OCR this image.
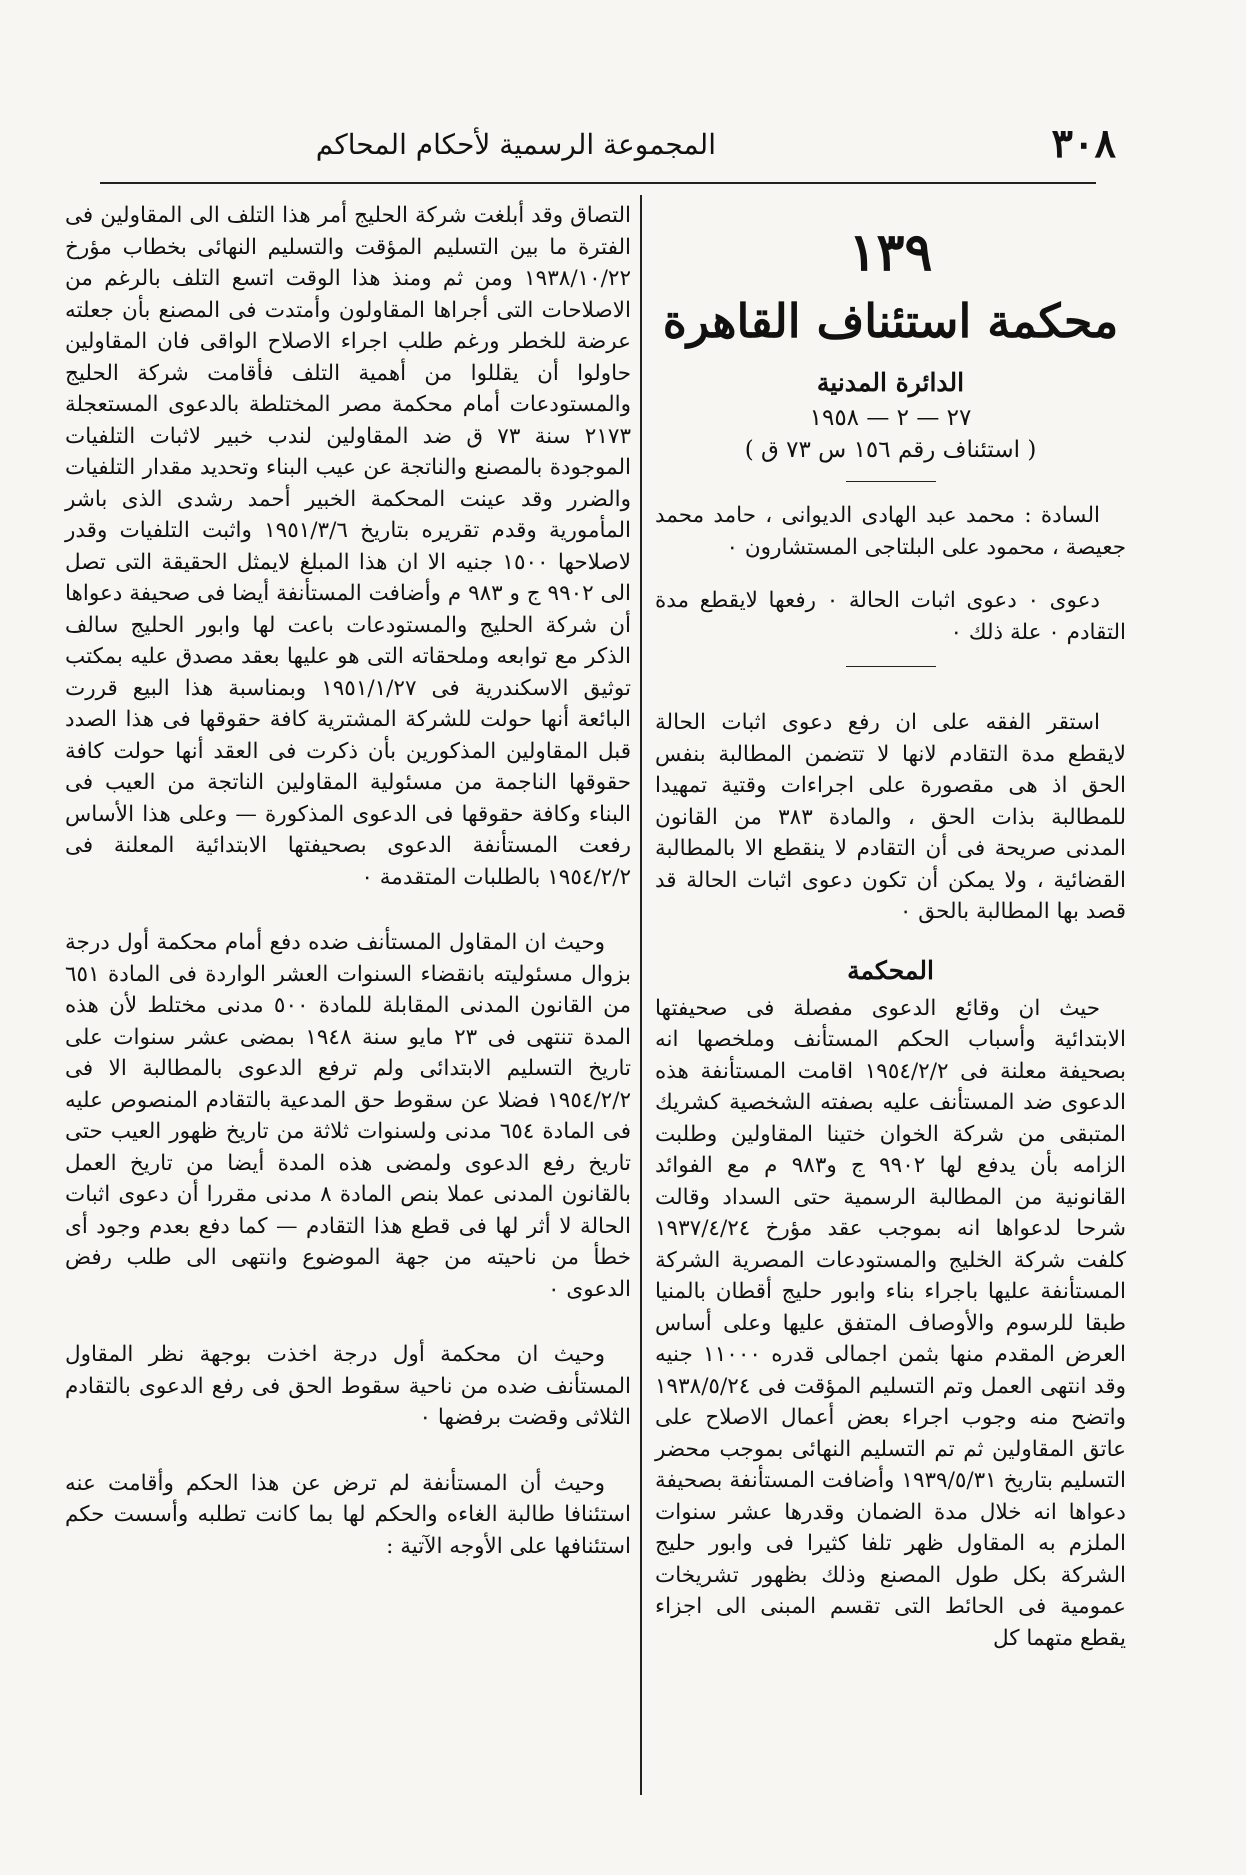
٣٠٨
المجموعة الرسمية لأحكام المحاكم
١٣٩
محكمة استئناف القاهرة
الدائرة المدنية
٢٧ — ٢ — ١٩٥٨
( استئناف رقم ١٥٦ س ٧٣ ق )

السادة : محمد عبد الهادى الديوانى ، حامد محمد جعيصة ، محمود على البلتاجى المستشارون ٠

دعوى ٠ دعوى اثبات الحالة ٠ رفعها لايقطع مدة التقادم ٠ علة ذلك ٠

استقر الفقه على ان رفع دعوى اثبات الحالة لايقطع مدة التقادم لانها لا تتضمن المطالبة بنفس الحق اذ هى مقصورة على اجراءات وقتية تمهيدا للمطالبة بذات الحق ، والمادة ٣٨٣ من القانون المدنى صريحة فى أن التقادم لا ينقطع الا بالمطالبة القضائية ، ولا يمكن أن تكون دعوى اثبات الحالة قد قصد بها المطالبة بالحق ٠

المحكمة

حيث ان وقائع الدعوى مفصلة فى صحيفتها الابتدائية وأسباب الحكم المستأنف وملخصها انه بصحيفة معلنة فى ١٩٥٤/٢/٢ اقامت المستأنفة هذه الدعوى ضد المستأنف عليه بصفته الشخصية كشريك المتبقى من شركة الخوان ختينا المقاولين وطلبت الزامه بأن يدفع لها ٩٩٠٢ ج و٩٨٣ م مع الفوائد القانونية من المطالبة الرسمية حتى السداد وقالت شرحا لدعواها انه بموجب عقد مؤرخ ١٩٣٧/٤/٢٤ كلفت شركة الخليج والمستودعات المصرية الشركة المستأنفة عليها باجراء بناء وابور حليج أقطان بالمنيا طبقا للرسوم والأوصاف المتفق عليها وعلى أساس العرض المقدم منها بثمن اجمالى قدره ١١٠٠٠ جنيه وقد انتهى العمل وتم التسليم المؤقت فى ١٩٣٨/٥/٢٤ واتضح منه وجوب اجراء بعض أعمال الاصلاح على عاتق المقاولين ثم تم التسليم النهائى بموجب محضر التسليم بتاريخ ١٩٣٩/٥/٣١ وأضافت المستأنفة بصحيفة دعواها انه خلال مدة الضمان وقدرها عشر سنوات الملزم به المقاول ظهر تلفا كثيرا فى وابور حليج الشركة بكل طول المصنع وذلك بظهور تشريخات عمومية فى الحائط التى تقسم المبنى الى اجزاء يقطع متهما كل

التصاق وقد أبلغت شركة الحليج أمر هذا التلف الى المقاولين فى الفترة ما بين التسليم المؤقت والتسليم النهائى بخطاب مؤرخ ١٩٣٨/١٠/٢٢ ومن ثم ومنذ هذا الوقت اتسع التلف بالرغم من الاصلاحات التى أجراها المقاولون وأمتدت فى المصنع بأن جعلته عرضة للخطر ورغم طلب اجراء الاصلاح الواقى فان المقاولين حاولوا أن يقللوا من أهمية التلف فأقامت شركة الحليج والمستودعات أمام محكمة مصر المختلطة بالدعوى المستعجلة ٢١٧٣ سنة ٧٣ ق ضد المقاولين لندب خبير لاثبات التلفيات الموجودة بالمصنع والناتجة عن عيب البناء وتحديد مقدار التلفيات والضرر وقد عينت المحكمة الخبير أحمد رشدى الذى باشر المأمورية وقدم تقريره بتاريخ ١٩٥١/٣/٦ واثبت التلفيات وقدر لاصلاحها ١٥٠٠ جنيه الا ان هذا المبلغ لايمثل الحقيقة التى تصل الى ٩٩٠٢ ج و ٩٨٣ م وأضافت المستأنفة أيضا فى صحيفة دعواها أن شركة الحليج والمستودعات باعت لها وابور الحليج سالف الذكر مع توابعه وملحقاته التى هو عليها بعقد مصدق عليه بمكتب توثيق الاسكندرية فى ١٩٥١/١/٢٧ وبمناسبة هذا البيع قررت البائعة أنها حولت للشركة المشترية كافة حقوقها فى هذا الصدد قبل المقاولين المذكورين بأن ذكرت فى العقد أنها حولت كافة حقوقها الناجمة من مسئولية المقاولين الناتجة من العيب فى البناء وكافة حقوقها فى الدعوى المذكورة — وعلى هذا الأساس رفعت المستأنفة الدعوى بصحيفتها الابتدائية المعلنة فى ١٩٥٤/٢/٢ بالطلبات المتقدمة ٠

وحيث ان المقاول المستأنف ضده دفع أمام محكمة أول درجة بزوال مسئوليته بانقضاء السنوات العشر الواردة فى المادة ٦٥١ من القانون المدنى المقابلة للمادة ٥٠٠ مدنى مختلط لأن هذه المدة تنتهى فى ٢٣ مايو سنة ١٩٤٨ بمضى عشر سنوات على تاريخ التسليم الابتدائى ولم ترفع الدعوى بالمطالبة الا فى ١٩٥٤/٢/٢ فضلا عن سقوط حق المدعية بالتقادم المنصوص عليه فى المادة ٦٥٤ مدنى ولسنوات ثلاثة من تاريخ ظهور العيب حتى تاريخ رفع الدعوى ولمضى هذه المدة أيضا من تاريخ العمل بالقانون المدنى عملا بنص المادة ٨ مدنى مقررا أن دعوى اثبات الحالة لا أثر لها فى قطع هذا التقادم — كما دفع بعدم وجود أى خطأ من ناحيته من جهة الموضوع وانتهى الى طلب رفض الدعوى ٠

وحيث ان محكمة أول درجة اخذت بوجهة نظر المقاول المستأنف ضده من ناحية سقوط الحق فى رفع الدعوى بالتقادم الثلاثى وقضت برفضها ٠

وحيث أن المستأنفة لم ترض عن هذا الحكم وأقامت عنه استئنافا طالبة الغاءه والحكم لها بما كانت تطلبه وأسست حكم استئنافها على الأوجه الآتية :
